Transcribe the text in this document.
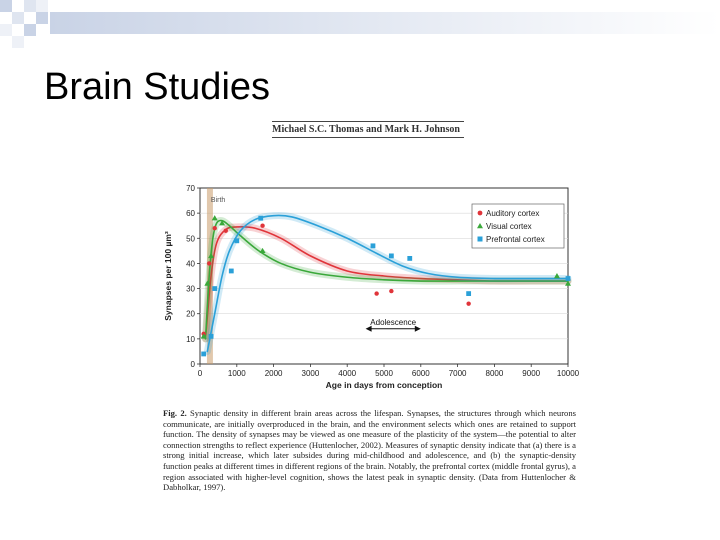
Brain Studies
Michael S.C. Thomas and Mark H. Johnson
Birth
Adolescence
0
10
20
30
40
50
60
70
0	1000 2000 3000 4000 5000 6000 7000 8000 9000 10000
Age in days from conception
Synapses per 100 µm³
Auditory cortex
Visual cortex
Prefrontal cortex
Fig. 2. Synaptic density in different brain areas across the lifespan. Synapses, the structures through which neurons communicate, are initially overproduced in the brain, and the environment selects which ones are retained to support function. The density of synapses may be viewed as one measure of the plasticity of the system—the potential to alter connection strengths to reflect experience (Huttenlocher, 2002). Measures of synaptic density indicate that (a) there is a strong initial increase, which later subsides during mid-childhood and adolescence, and (b) the synaptic-density function peaks at different times in different regions of the brain. Notably, the prefrontal cortex (middle frontal gyrus), a region associated with higher-level cognition, shows the latest peak in synaptic density. (Data from Huttenlocher & Dabholkar, 1997).
